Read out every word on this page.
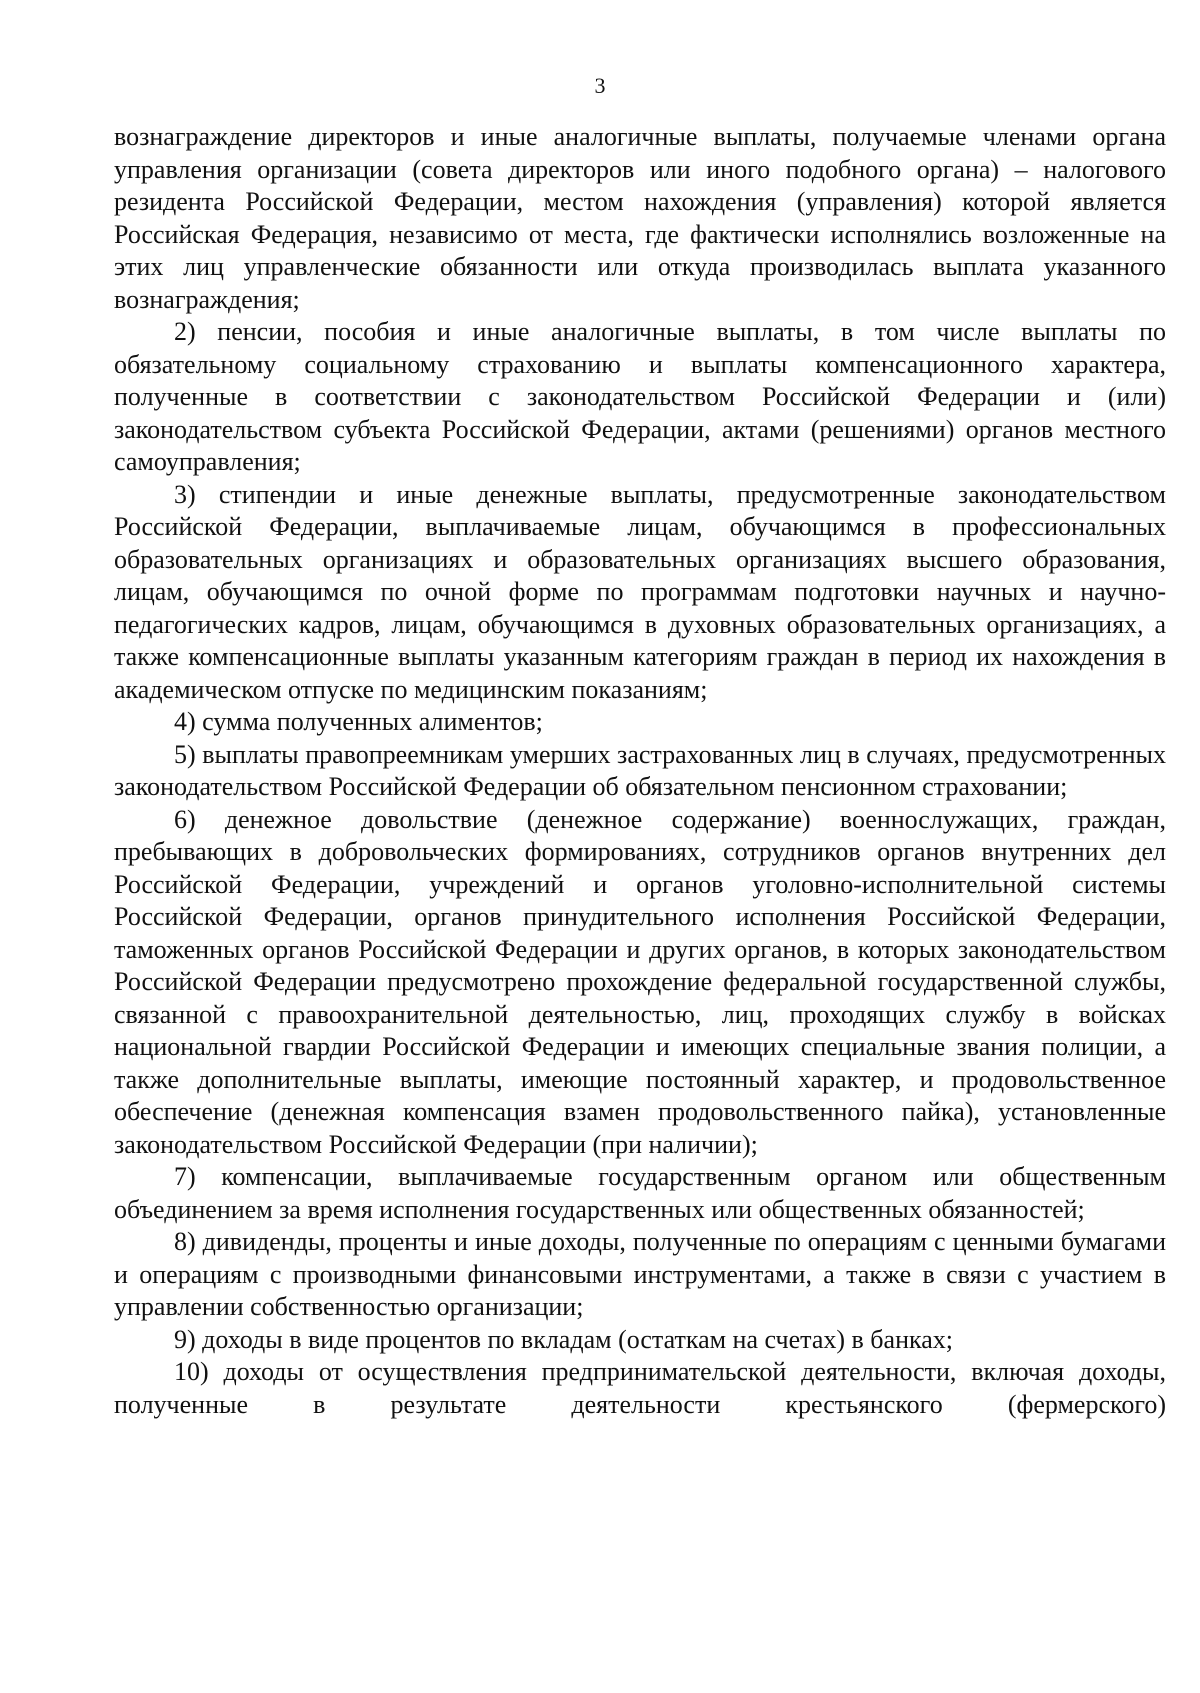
3

вознаграждение директоров и иные аналогичные выплаты, получаемые членами органа управления организации (совета директоров или иного подобного органа) – налогового резидента Российской Федерации, местом нахождения (управления) которой является Российская Федерация, независимо от места, где фактически исполнялись возложенные на этих лиц управленческие обязанности или откуда производилась выплата указанного вознаграждения;

2) пенсии, пособия и иные аналогичные выплаты, в том числе выплаты по обязательному социальному страхованию и выплаты компенсационного характера, полученные в соответствии с законодательством Российской Федерации и (или) законодательством субъекта Российской Федерации, актами (решениями) органов местного самоуправления;

3) стипендии и иные денежные выплаты, предусмотренные законодательством Российской Федерации, выплачиваемые лицам, обучающимся в профессиональных образовательных организациях и образовательных организациях высшего образования, лицам, обучающимся по очной форме по программам подготовки научных и научно-педагогических кадров, лицам, обучающимся в духовных образовательных организациях, а также компенсационные выплаты указанным категориям граждан в период их нахождения в академическом отпуске по медицинским показаниям;

4) сумма полученных алиментов;

5) выплаты правопреемникам умерших застрахованных лиц в случаях, предусмотренных законодательством Российской Федерации об обязательном пенсионном страховании;

6) денежное довольствие (денежное содержание) военнослужащих, граждан, пребывающих в добровольческих формированиях, сотрудников органов внутренних дел Российской Федерации, учреждений и органов уголовно-исполнительной системы Российской Федерации, органов принудительного исполнения Российской Федерации, таможенных органов Российской Федерации и других органов, в которых законодательством Российской Федерации предусмотрено прохождение федеральной государственной службы, связанной с правоохранительной деятельностью, лиц, проходящих службу в войсках национальной гвардии Российской Федерации и имеющих специальные звания полиции, а также дополнительные выплаты, имеющие постоянный характер, и продовольственное обеспечение (денежная компенсация взамен продовольственного пайка), установленные законодательством Российской Федерации (при наличии);

7) компенсации, выплачиваемые государственным органом или общественным объединением за время исполнения государственных или общественных обязанностей;

8) дивиденды, проценты и иные доходы, полученные по операциям с ценными бумагами и операциям с производными финансовыми инструментами, а также в связи с участием в управлении собственностью организации;

9) доходы в виде процентов по вкладам (остаткам на счетах) в банках;

10) доходы от осуществления предпринимательской деятельности, включая доходы, полученные в результате деятельности крестьянского (фермерского)
